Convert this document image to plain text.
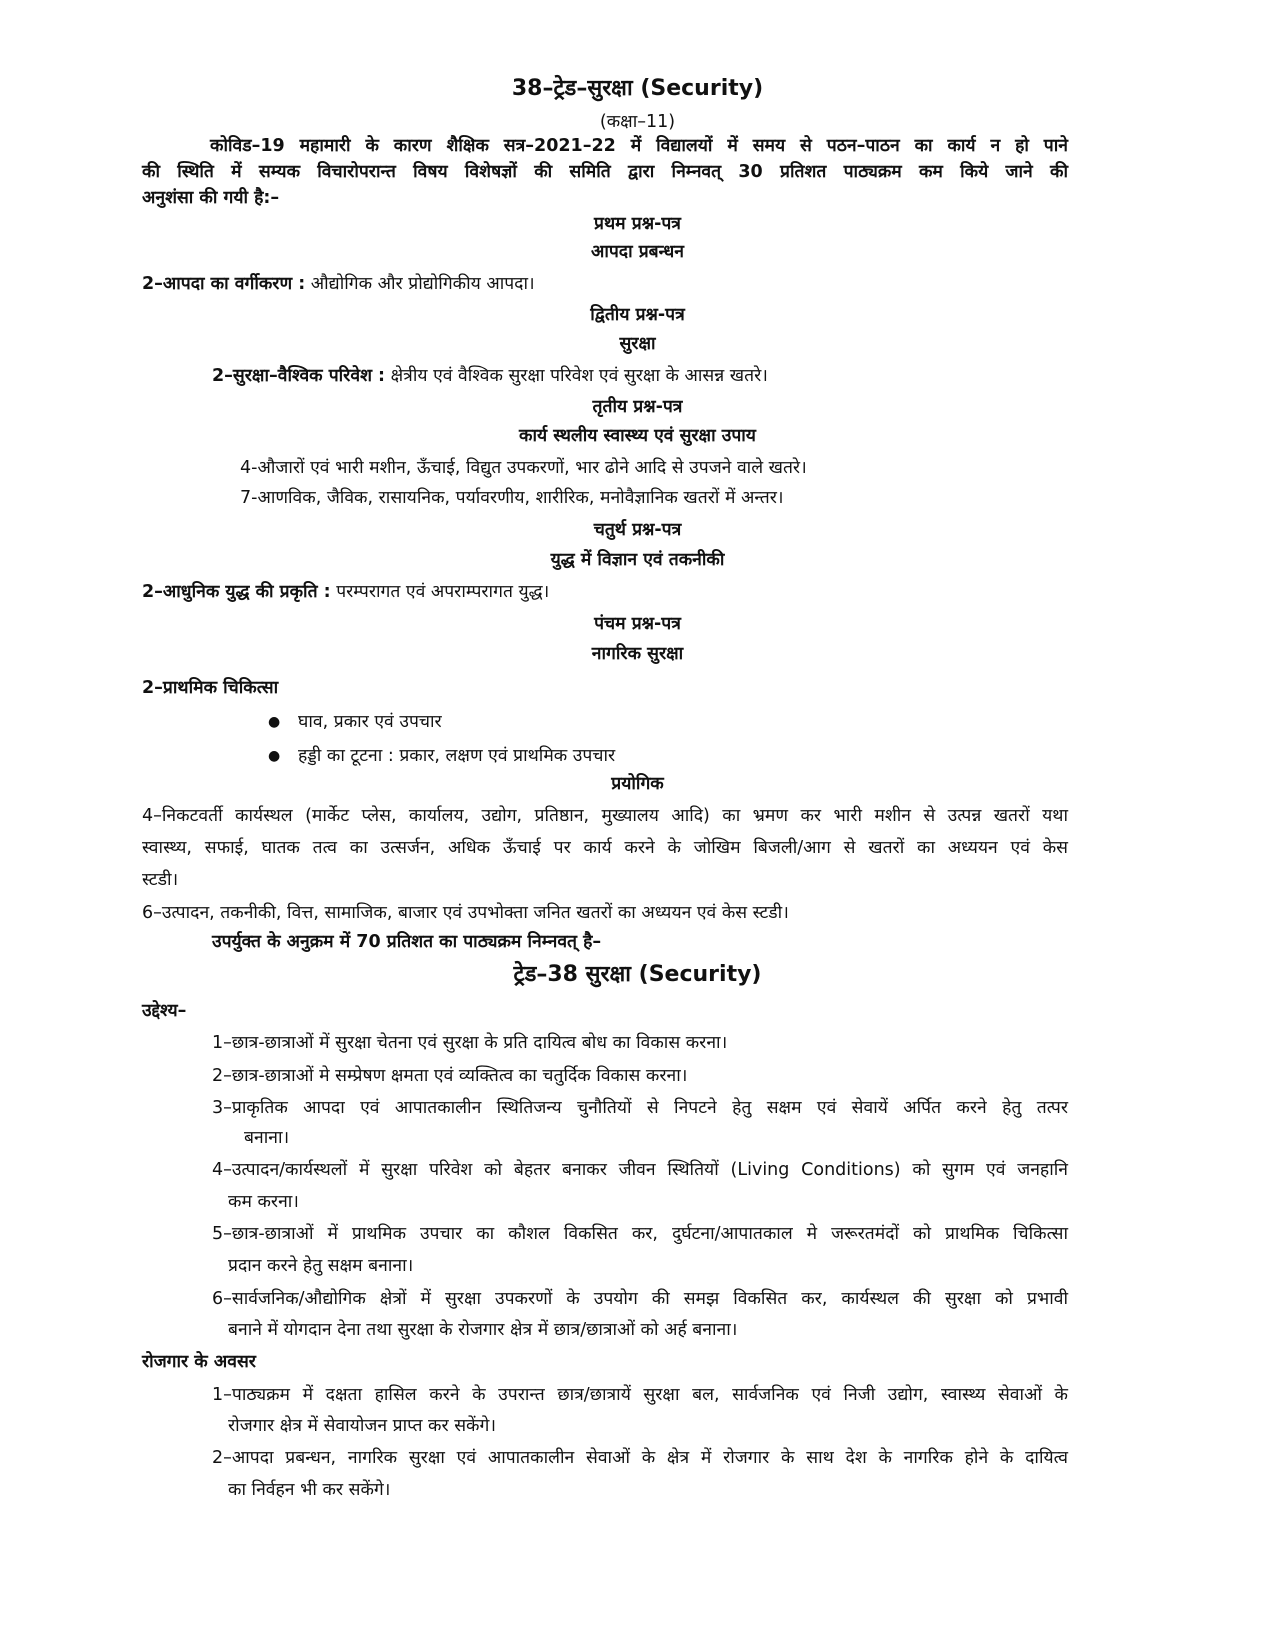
38–ट्रेड–सुरक्षा (Security)
(कक्षा–11)
कोविड–19 महामारी के कारण शैक्षिक सत्र–2021–22 में विद्यालयों में समय से पठन–पाठन का कार्य न हो पाने
की स्थिति में सम्यक विचारोपरान्त विषय विशेषज्ञों की समिति द्वारा निम्नवत् 30 प्रतिशत पाठ्यक्रम कम किये जाने की
अनुशंसा की गयी है:–
प्रथम प्रश्न-पत्र
आपदा प्रबन्धन
2–आपदा का वर्गीकरण : औद्योगिक और प्रोद्योगिकीय आपदा।
द्वितीय प्रश्न-पत्र
सुरक्षा
2–सुरक्षा–वैश्विक परिवेश : क्षेत्रीय एवं वैश्विक सुरक्षा परिवेश एवं सुरक्षा के आसन्न खतरे।
तृतीय प्रश्न-पत्र
कार्य स्थलीय स्वास्थ्य एवं सुरक्षा उपाय
4-औजारों एवं भारी मशीन, ऊँचाई, विद्युत उपकरणों, भार ढोने आदि से उपजने वाले खतरे।
7-आणविक, जैविक, रासायनिक, पर्यावरणीय, शारीरिक, मनोवैज्ञानिक खतरों में अन्तर।
चतुर्थ प्रश्न-पत्र
युद्ध में विज्ञान एवं तकनीकी
2–आधुनिक युद्ध की प्रकृति : परम्परागत एवं अपराम्परागत युद्ध।
पंचम प्रश्न-पत्र
नागरिक सुरक्षा
2–प्राथमिक चिकित्सा
● घाव, प्रकार एवं उपचार
● हड्डी का टूटना : प्रकार, लक्षण एवं प्राथमिक उपचार
प्रयोगिक
4–निकटवर्ती कार्यस्थल (मार्केट प्लेस, कार्यालय, उद्योग, प्रतिष्ठान, मुख्यालय आदि) का भ्रमण कर भारी मशीन से उत्पन्न खतरों यथा
स्वास्थ्य, सफाई, घातक तत्व का उत्सर्जन, अधिक ऊँचाई पर कार्य करने के जोखिम बिजली/आग से खतरों का अध्ययन एवं केस
स्टडी।
6–उत्पादन, तकनीकी, वित्त, सामाजिक, बाजार एवं उपभोक्ता जनित खतरों का अध्ययन एवं केस स्टडी।
उपर्युक्त के अनुक्रम में 70 प्रतिशत का पाठ्यक्रम निम्नवत् है–
ट्रेड–38 सुरक्षा (Security)
उद्देश्य–
1–छात्र-छात्राओं में सुरक्षा चेतना एवं सुरक्षा के प्रति दायित्व बोध का विकास करना।
2–छात्र-छात्राओं मे सम्प्रेषण क्षमता एवं व्यक्तित्व का चतुर्दिक विकास करना।
3–प्राकृतिक आपदा एवं आपातकालीन स्थितिजन्य चुनौतियों से निपटने हेतु सक्षम एवं सेवायें अर्पित करने हेतु तत्पर
बनाना।
4–उत्पादन/कार्यस्थलों में सुरक्षा परिवेश को बेहतर बनाकर जीवन स्थितियों (Living Conditions) को सुगम एवं जनहानि
कम करना।
5–छात्र-छात्राओं में प्राथमिक उपचार का कौशल विकसित कर, दुर्घटना/आपातकाल मे जरूरतमंदों को प्राथमिक चिकित्सा
प्रदान करने हेतु सक्षम बनाना।
6–सार्वजनिक/औद्योगिक क्षेत्रों में सुरक्षा उपकरणों के उपयोग की समझ विकसित कर, कार्यस्थल की सुरक्षा को प्रभावी
बनाने में योगदान देना तथा सुरक्षा के रोजगार क्षेत्र में छात्र/छात्राओं को अर्ह बनाना।
रोजगार के अवसर
1–पाठ्यक्रम में दक्षता हासिल करने के उपरान्त छात्र/छात्रायें सुरक्षा बल, सार्वजनिक एवं निजी उद्योग, स्वास्थ्य सेवाओं के
रोजगार क्षेत्र में सेवायोजन प्राप्त कर सकेंगे।
2–आपदा प्रबन्धन, नागरिक सुरक्षा एवं आपातकालीन सेवाओं के क्षेत्र में रोजगार के साथ देश के नागरिक होने के दायित्व
का निर्वहन भी कर सकेंगे।
